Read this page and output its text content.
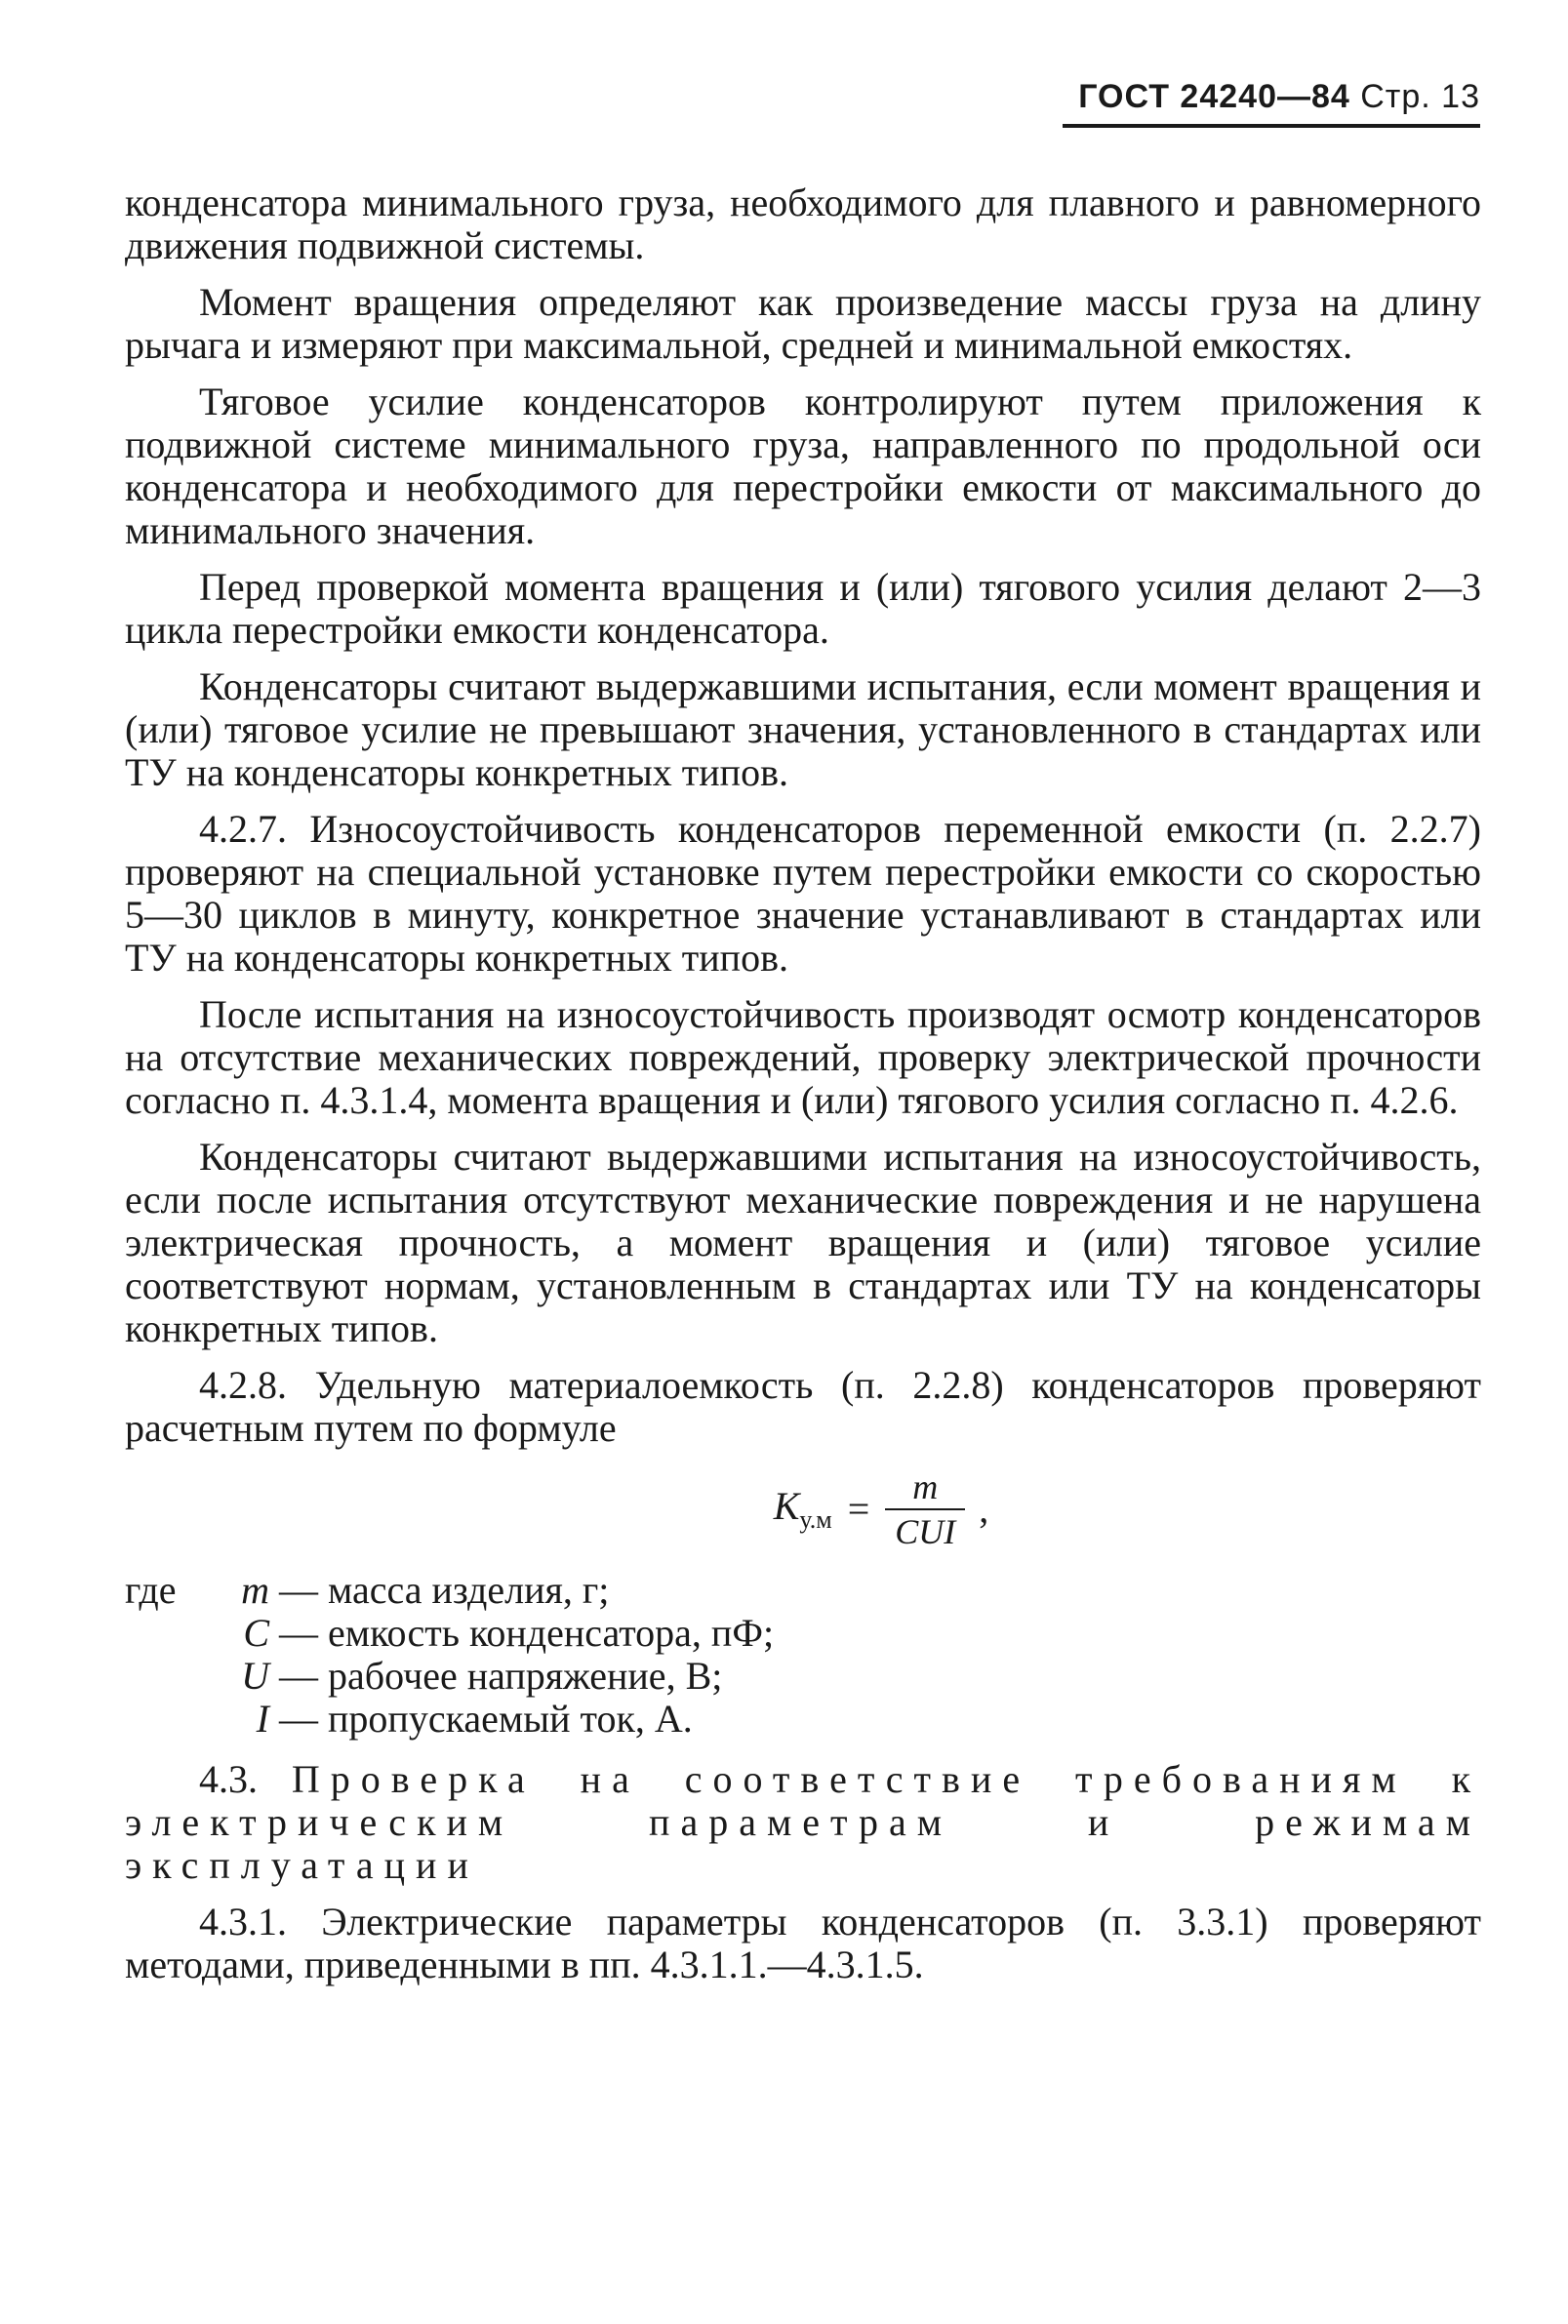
ГОСТ 24240—84 Стр. 13

конденсатора минимального груза, необходимого для плавного и равномерного движения подвижной системы.

Момент вращения определяют как произведение массы груза на длину рычага и измеряют при максимальной, средней и минимальной емкостях.

Тяговое усилие конденсаторов контролируют путем приложения к подвижной системе минимального груза, направленного по продольной оси конденсатора и необходимого для перестройки емкости от максимального до минимального значения.

Перед проверкой момента вращения и (или) тягового усилия делают 2—3 цикла перестройки емкости конденсатора.

Конденсаторы считают выдержавшими испытания, если момент вращения и (или) тяговое усилие не превышают значения, установленного в стандартах или ТУ на конденсаторы конкретных типов.

4.2.7. Износоустойчивость конденсаторов переменной емкости (п. 2.2.7) проверяют на специальной установке путем перестройки емкости со скоростью 5—30 циклов в минуту, конкретное значение устанавливают в стандартах или ТУ на конденсаторы конкретных типов.

После испытания на износоустойчивость производят осмотр конденсаторов на отсутствие механических повреждений, проверку электрической прочности согласно п. 4.3.1.4, момента вращения и (или) тягового усилия согласно п. 4.2.6.

Конденсаторы считают выдержавшими испытания на износоустойчивость, если после испытания отсутствуют механические повреждения и не нарушена электрическая прочность, а момент вращения и (или) тяговое усилие соответствуют нормам, установленным в стандартах или ТУ на конденсаторы конкретных типов.

4.2.8. Удельную материалоемкость (п. 2.2.8) конденсаторов проверяют расчетным путем по формуле

$K_{у.м} = \frac{m}{\text{CUI}}$ ,
где	m — масса изделия, г;
C — емкость конденсатора, пФ;
U — рабочее напряжение, В;
I — пропускаемый ток, А.

4.3. Проверка на соответствие требованиям к электрическим параметрам и режимам эксплуатации

4.3.1. Электрические параметры конденсаторов (п. 3.3.1) проверяют методами, приведенными в пп. 4.3.1.1.—4.3.1.5.
